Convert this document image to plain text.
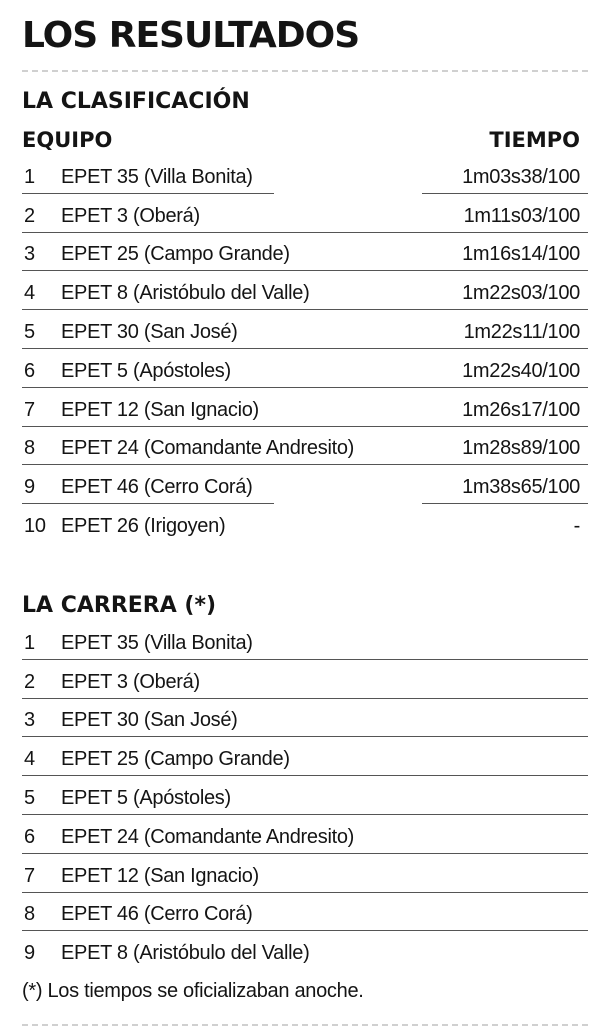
LOS RESULTADOS
LA CLASIFICACIÓN
EQUIPO	TIEMPO
1 EPET 35 (Villa Bonita)	1m03s38/100
2 EPET 3 (Oberá)	1m11s03/100
3 EPET 25 (Campo Grande)	1m16s14/100
4 EPET 8 (Aristóbulo del Valle)	1m22s03/100
5 EPET 30 (San José)	1m22s11/100
6 EPET 5 (Apóstoles)	1m22s40/100
7 EPET 12 (San Ignacio)	1m26s17/100
8 EPET 24 (Comandante Andresito)	1m28s89/100
9 EPET 46 (Cerro Corá)	1m38s65/100
10 EPET 26 (Irigoyen)	-
LA CARRERA (*)
1 EPET 35 (Villa Bonita)
2 EPET 3 (Oberá)
3 EPET 30 (San José)
4 EPET 25 (Campo Grande)
5 EPET 5 (Apóstoles)
6 EPET 24 (Comandante Andresito)
7 EPET 12 (San Ignacio)
8 EPET 46 (Cerro Corá)
9 EPET 8 (Aristóbulo del Valle)

(*) Los tiempos se oficializaban anoche.
